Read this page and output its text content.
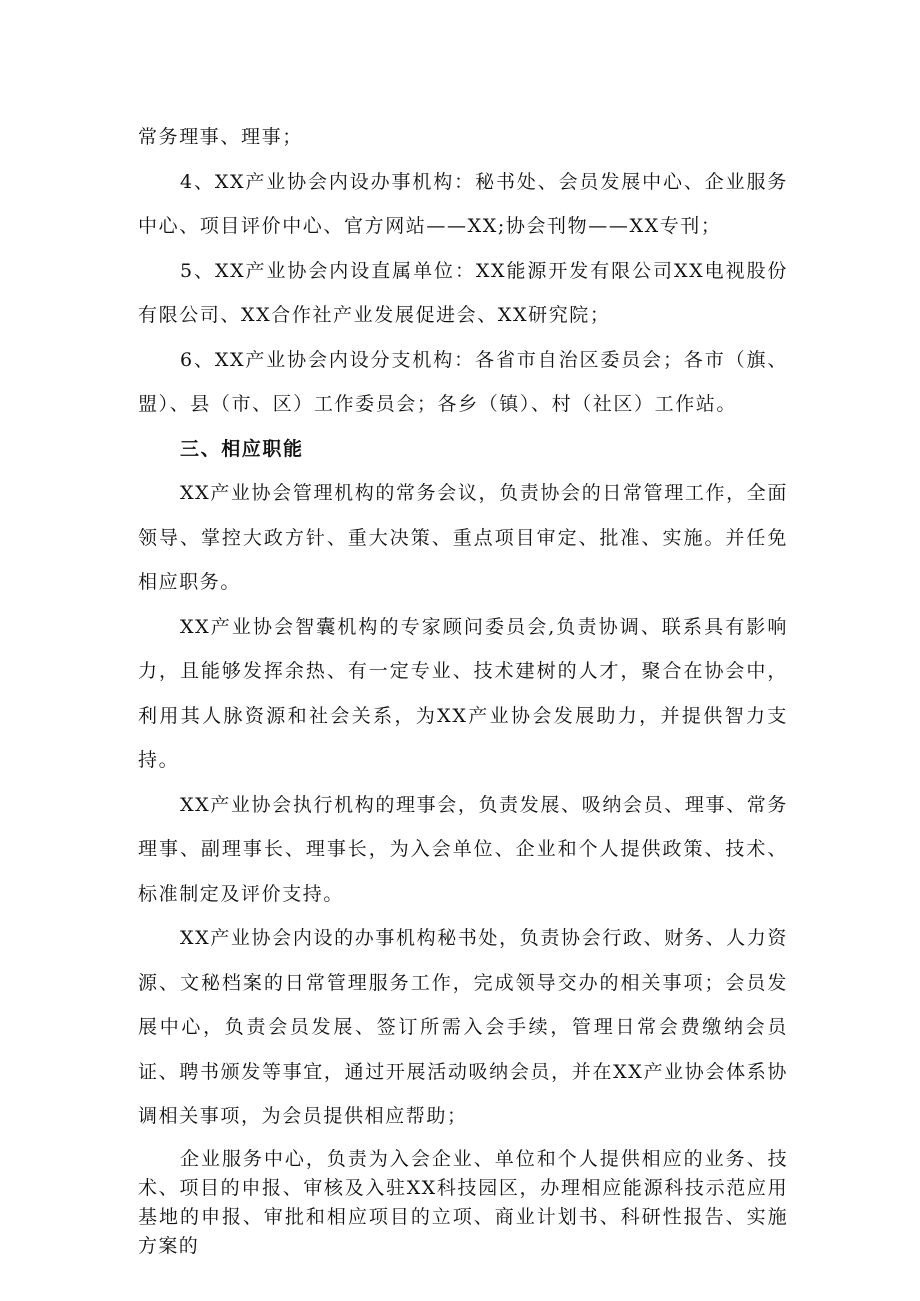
常务理事、理事；

4、XX产业协会内设办事机构：秘书处、会员发展中心、企业服务中心、项目评价中心、官方网站——XX;协会刊物——XX专刊；

5、XX产业协会内设直属单位：XX能源开发有限公司XX电视股份有限公司、XX合作社产业发展促进会、XX研究院；

6、XX产业协会内设分支机构：各省市自治区委员会；各市（旗、盟）、县（市、区）工作委员会；各乡（镇）、村（社区）工作站。

三、相应职能

XX产业协会管理机构的常务会议，负责协会的日常管理工作，全面领导、掌控大政方针、重大决策、重点项目审定、批准、实施。并任免相应职务。

XX产业协会智囊机构的专家顾问委员会,负责协调、联系具有影响力，且能够发挥余热、有一定专业、技术建树的人才，聚合在协会中，利用其人脉资源和社会关系，为XX产业协会发展助力，并提供智力支持。

XX产业协会执行机构的理事会，负责发展、吸纳会员、理事、常务理事、副理事长、理事长，为入会单位、企业和个人提供政策、技术、标准制定及评价支持。

XX产业协会内设的办事机构秘书处，负责协会行政、财务、人力资源、文秘档案的日常管理服务工作，完成领导交办的相关事项；会员发展中心，负责会员发展、签订所需入会手续，管理日常会费缴纳会员证、聘书颁发等事宜，通过开展活动吸纳会员，并在XX产业协会体系协调相关事项，为会员提供相应帮助；

企业服务中心，负责为入会企业、单位和个人提供相应的业务、技术、项目的申报、审核及入驻XX科技园区，办理相应能源科技示范应用基地的申报、审批和相应项目的立项、商业计划书、科研性报告、实施方案的
